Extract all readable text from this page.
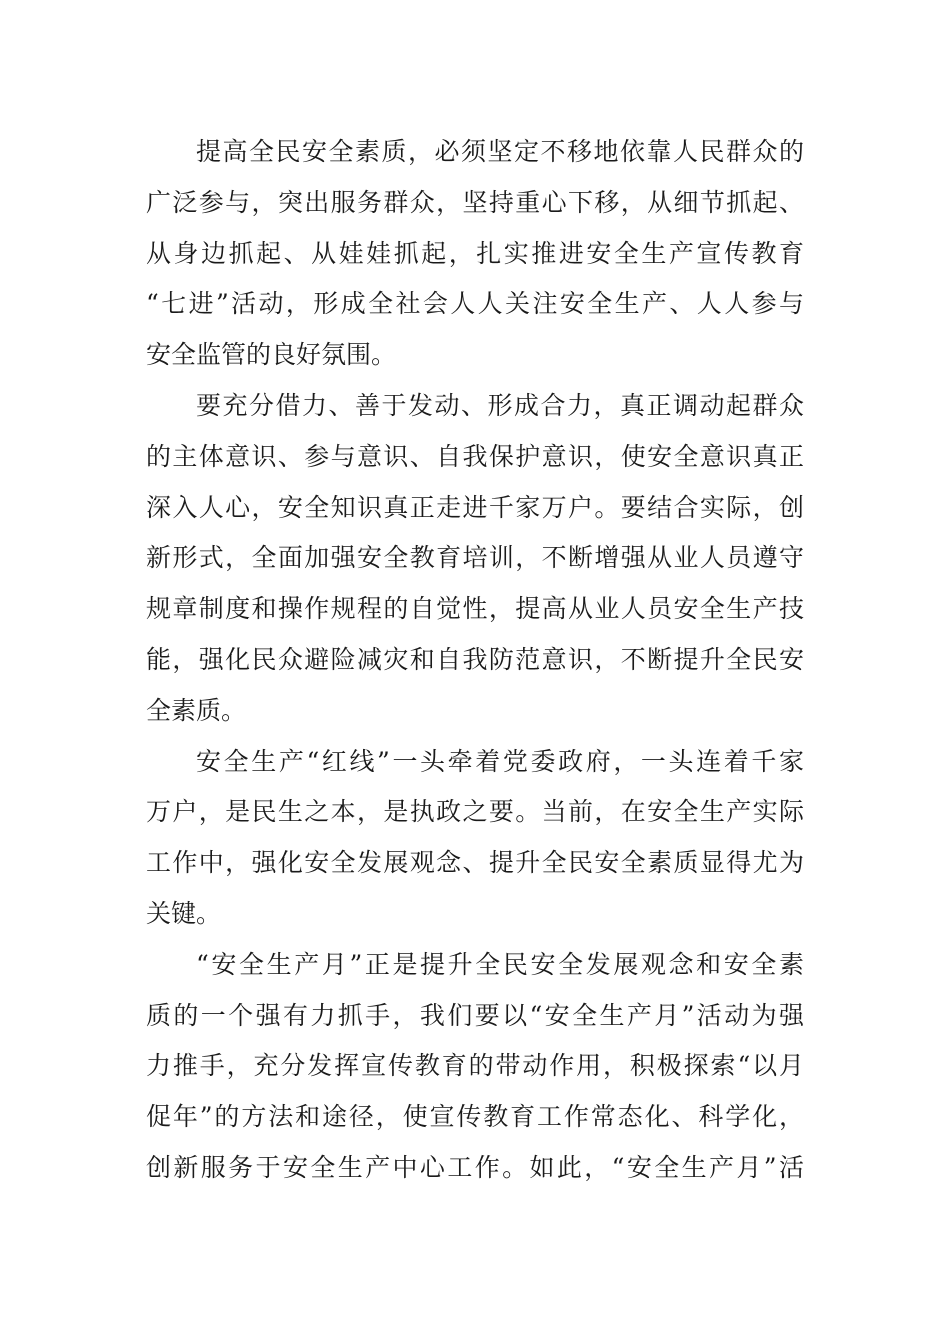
提高全民安全素质，必须坚定不移地依靠人民群众的
广泛参与，突出服务群众，坚持重心下移，从细节抓起、
从身边抓起、从娃娃抓起，扎实推进安全生产宣传教育
“七进”活动，形成全社会人人关注安全生产、人人参与
安全监管的良好氛围。
要充分借力、善于发动、形成合力，真正调动起群众
的主体意识、参与意识、自我保护意识，使安全意识真正
深入人心，安全知识真正走进千家万户。要结合实际，创
新形式，全面加强安全教育培训，不断增强从业人员遵守
规章制度和操作规程的自觉性，提高从业人员安全生产技
能，强化民众避险减灾和自我防范意识，不断提升全民安
全素质。
安全生产“红线”一头牵着党委政府，一头连着千家
万户，是民生之本，是执政之要。当前，在安全生产实际
工作中，强化安全发展观念、提升全民安全素质显得尤为
关键。
“安全生产月”正是提升全民安全发展观念和安全素
质的一个强有力抓手，我们要以“安全生产月”活动为强
力推手，充分发挥宣传教育的带动作用，积极探索“以月
促年”的方法和途径，使宣传教育工作常态化、科学化，
创新服务于安全生产中心工作。如此，“安全生产月”活
